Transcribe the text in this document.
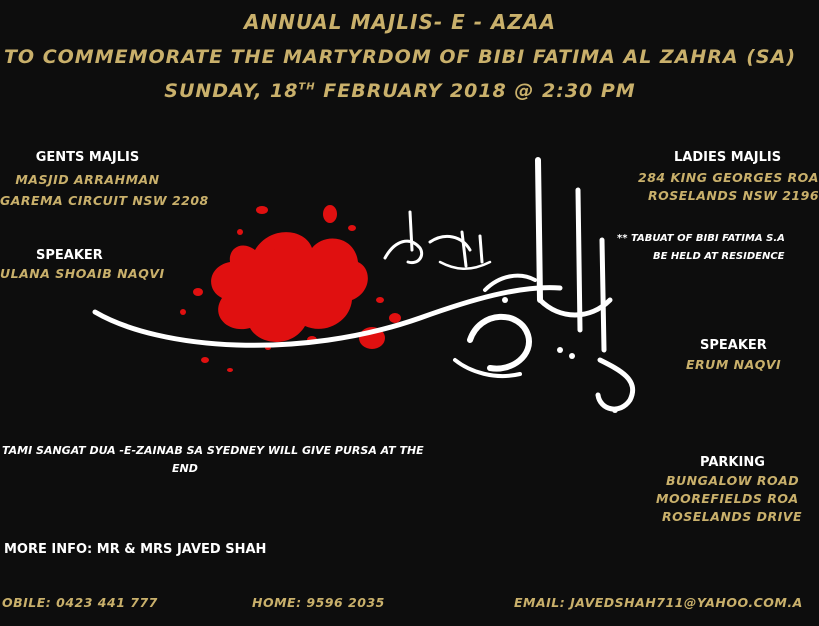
ANNUAL MAJLIS- E - AZAA
TO COMMEMORATE THE MARTYRDOM OF BIBI FATIMA AL ZAHRA (SA)
SUNDAY, 18TH FEBRUARY 2018 @ 2:30 PM
GENTS MAJLIS
MASJID ARRAHMAN
GAREMA CIRCUIT NSW 2208
SPEAKER
ULANA SHOAIB NAQVI
LADIES MAJLIS
284 KING GEORGES ROA
ROSELANDS NSW 2196
** TABUAT OF BIBI FATIMA S.A
BE HELD AT RESIDENCE
SPEAKER
ERUM NAQVI
TAMI SANGAT DUA -E-ZAINAB SA SYEDNEY WILL GIVE PURSA AT THE
END	PARKING
BUNGALOW ROAD
MOOREFIELDS ROA
ROSELANDS DRIVE
MORE INFO: MR & MRS JAVED SHAH
OBILE: 0423 441 777	HOME: 9596 2035	EMAIL: JAVEDSHAH711@YAHOO.COM.A
